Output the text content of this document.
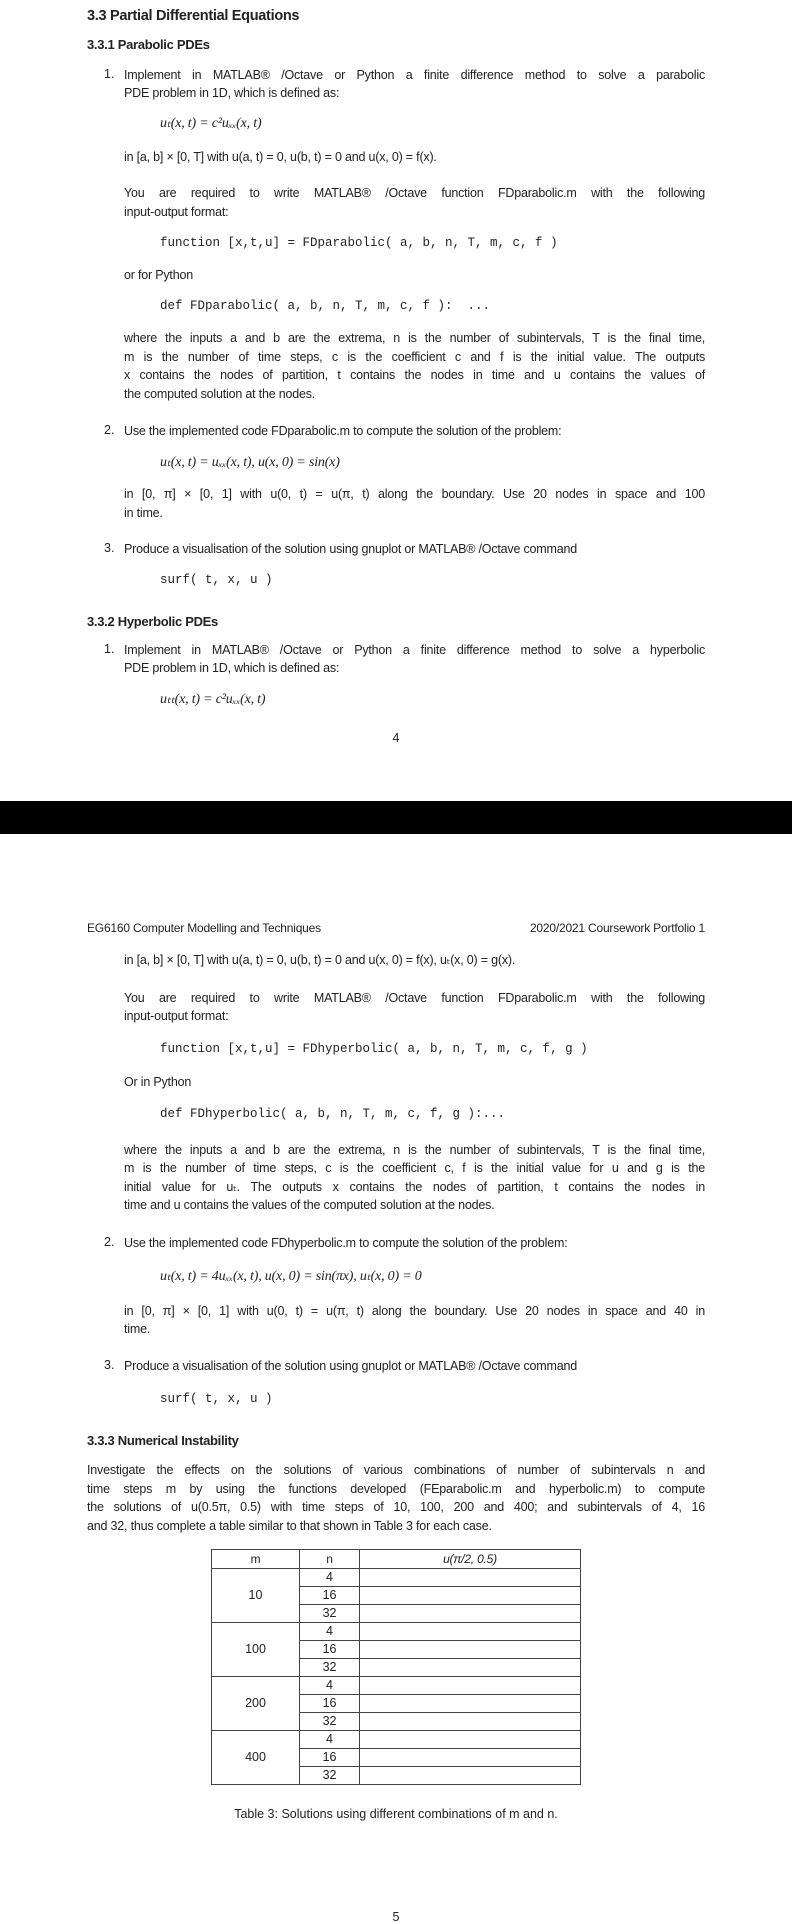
3.3 Partial Differential Equations
3.3.1 Parabolic PDEs
1. Implement in MATLAB® /Octave or Python a finite difference method to solve a parabolic
PDE problem in 1D, which is defined as:
uₜ(x, t) = c²uₓₓ(x, t)
in [a, b] × [0, T] with u(a, t) = 0, u(b, t) = 0 and u(x, 0) = f(x).
You are required to write MATLAB® /Octave function FDparabolic.m with the following
input-output format:
function [x,t,u] = FDparabolic( a, b, n, T, m, c, f )
or for Python
def FDparabolic( a, b, n, T, m, c, f ):  ...
where the inputs a and b are the extrema, n is the number of subintervals, T is the final time,
m is the number of time steps, c is the coefficient c and f is the initial value. The outputs
x contains the nodes of partition, t contains the nodes in time and u contains the values of
the computed solution at the nodes.
2. Use the implemented code FDparabolic.m to compute the solution of the problem:
uₜ(x, t) = uₓₓ(x, t), u(x, 0) = sin(x)
in [0, π] × [0, 1] with u(0, t) = u(π, t) along the boundary. Use 20 nodes in space and 100
in time.
3. Produce a visualisation of the solution using gnuplot or MATLAB® /Octave command
surf( t, x, u )
3.3.2 Hyperbolic PDEs
1. Implement in MATLAB® /Octave or Python a finite difference method to solve a hyperbolic
PDE problem in 1D, which is defined as:
uₜₜ(x, t) = c²uₓₓ(x, t)
4
EG6160 Computer Modelling and Techniques	2020/2021 Coursework Portfolio 1
in [a, b] × [0, T] with u(a, t) = 0, u(b, t) = 0 and u(x, 0) = f(x), uₜ(x, 0) = g(x).
You are required to write MATLAB® /Octave function FDparabolic.m with the following
input-output format:
function [x,t,u] = FDhyperbolic( a, b, n, T, m, c, f, g )
Or in Python
def FDhyperbolic( a, b, n, T, m, c, f, g ):...
where the inputs a and b are the extrema, n is the number of subintervals, T is the final time,
m is the number of time steps, c is the coefficient c, f is the initial value for u and g is the
initial value for uₜ. The outputs x contains the nodes of partition, t contains the nodes in
time and u contains the values of the computed solution at the nodes.
2. Use the implemented code FDhyperbolic.m to compute the solution of the problem:
uₜ(x, t) = 4uₓₓ(x, t), u(x, 0) = sin(πx), uₜ(x, 0) = 0
in [0, π] × [0, 1] with u(0, t) = u(π, t) along the boundary. Use 20 nodes in space and 40 in
time.
3. Produce a visualisation of the solution using gnuplot or MATLAB® /Octave command
surf( t, x, u )
3.3.3 Numerical Instability
Investigate the effects on the solutions of various combinations of number of subintervals n and
time steps m by using the functions developed (FEparabolic.m and hyperbolic.m) to compute
the solutions of u(0.5π, 0.5) with time steps of 10, 100, 200 and 400; and subintervals of 4, 16
and 32, thus complete a table similar to that shown in Table 3 for each case.
m	n	u(π/2, 0.5)
10	4	
	16	
	32	
100	4	
	16	
	32	
200	4	
	16	
	32	
400	4	
	16	
	32	
Table 3: Solutions using different combinations of m and n.
5
